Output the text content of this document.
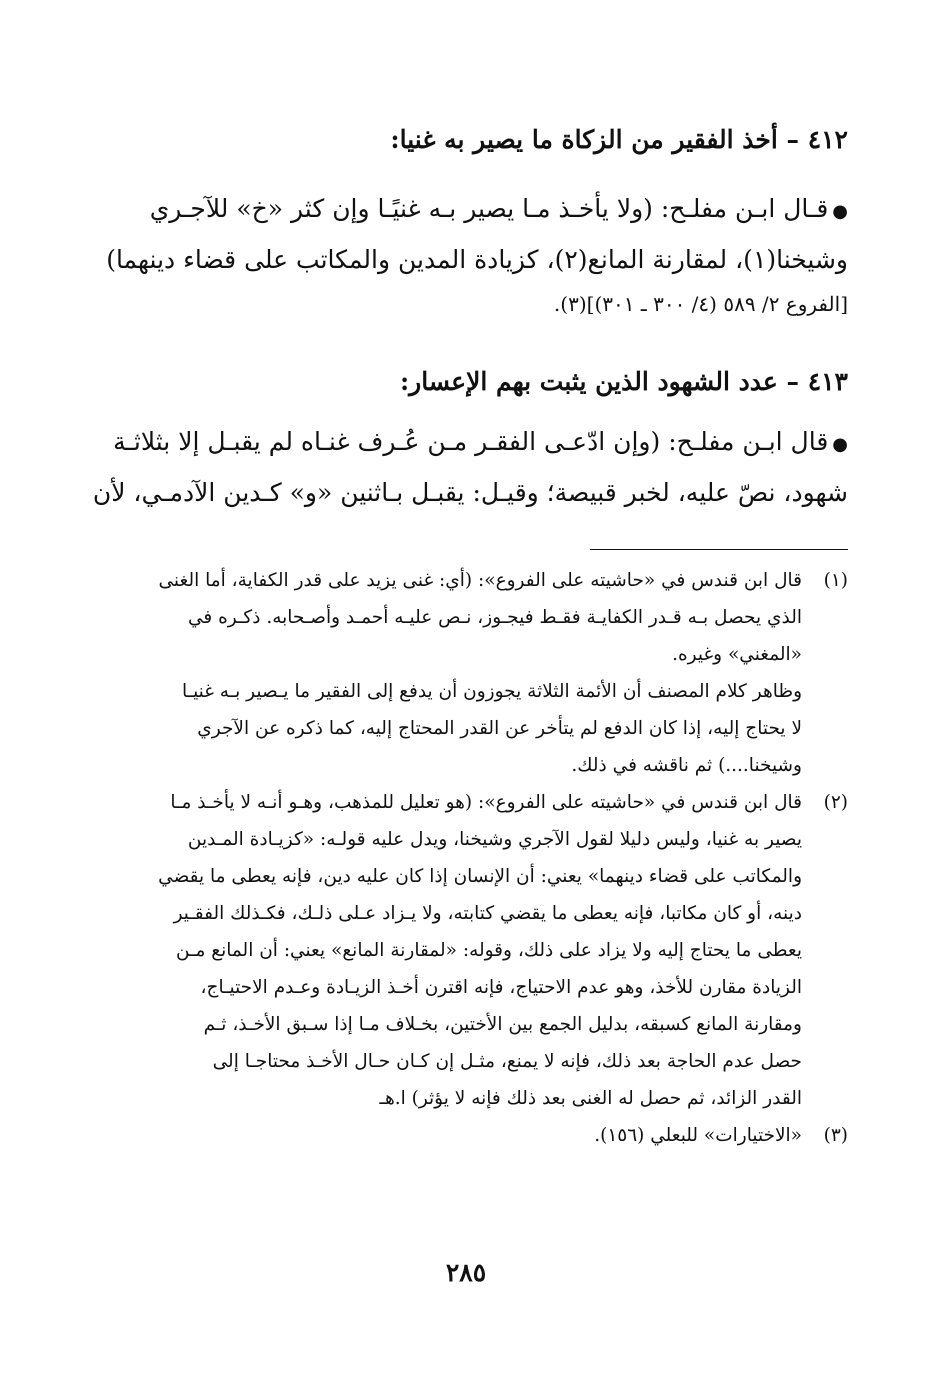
٤١٢ – أخذ الفقير من الزكاة ما يصير به غنيا:
●قـال ابـن مفلـح: (ولا يأخـذ مـا يصير بـه غنيًـا وإن كثر «خ» للآجـري
وشيخنا(١)، لمقارنة المانع(٢)، كزيادة المدين والمكاتب على قضاء دينهما)
[الفروع ٢/ ٥٨٩ (٤/ ٣٠٠ ـ ٣٠١)](٣).
٤١٣ – عدد الشهود الذين يثبت بهم الإعسار:
●قال ابـن مفلـح: (وإن ادّعـى الفقـر مـن عُـرف غنـاه لم يقبـل إلا بثلاثـة
شهود، نصّ عليه، لخبر قبيصة؛ وقيـل: يقبـل بـاثنين «و» كـدين الآدمـي، لأن
(١)
قال ابن قندس في «حاشيته على الفروع»: (أي: غنى يزيد على قدر الكفاية، أما الغنى
الذي يحصل بـه قـدر الكفايـة فقـط فيجـوز، نـص عليـه أحمـد وأصـحابه. ذكـره في
«المغني» وغيره.
وظاهر كلام المصنف أن الأئمة الثلاثة يجوزون أن يدفع إلى الفقير ما يـصير بـه غنيـا
لا يحتاج إليه، إذا كان الدفع لم يتأخر عن القدر المحتاج إليه، كما ذكره عن الآجري
وشيخنا....) ثم ناقشه في ذلك.
(٢)
قال ابن قندس في «حاشيته على الفروع»: (هو تعليل للمذهب، وهـو أنـه لا يأخـذ مـا
يصير به غنيا، وليس دليلا لقول الآجري وشيخنا، ويدل عليه قولـه: «كزيـادة المـدين
والمكاتب على قضاء دينهما» يعني: أن الإنسان إذا كان عليه دين، فإنه يعطى ما يقضي
دينه، أو كان مكاتبا، فإنه يعطى ما يقضي كتابته، ولا يـزاد عـلى ذلـك، فكـذلك الفقـير
يعطى ما يحتاج إليه ولا يزاد على ذلك، وقوله: «لمقارنة المانع» يعني: أن المانع مـن
الزيادة مقارن للأخذ، وهو عدم الاحتياج، فإنه اقترن أخـذ الزيـادة وعـدم الاحتيـاج،
ومقارنة المانع كسبقه، بدليل الجمع بين الأختين، بخـلاف مـا إذا سـبق الأخـذ، ثـم
حصل عدم الحاجة بعد ذلك، فإنه لا يمنع، مثـل إن كـان حـال الأخـذ محتاجـا إلى
القدر الزائد، ثم حصل له الغنى بعد ذلك فإنه لا يؤثر) ا.هـ
(٣)
«الاختيارات» للبعلي (١٥٦).
٢٨٥
